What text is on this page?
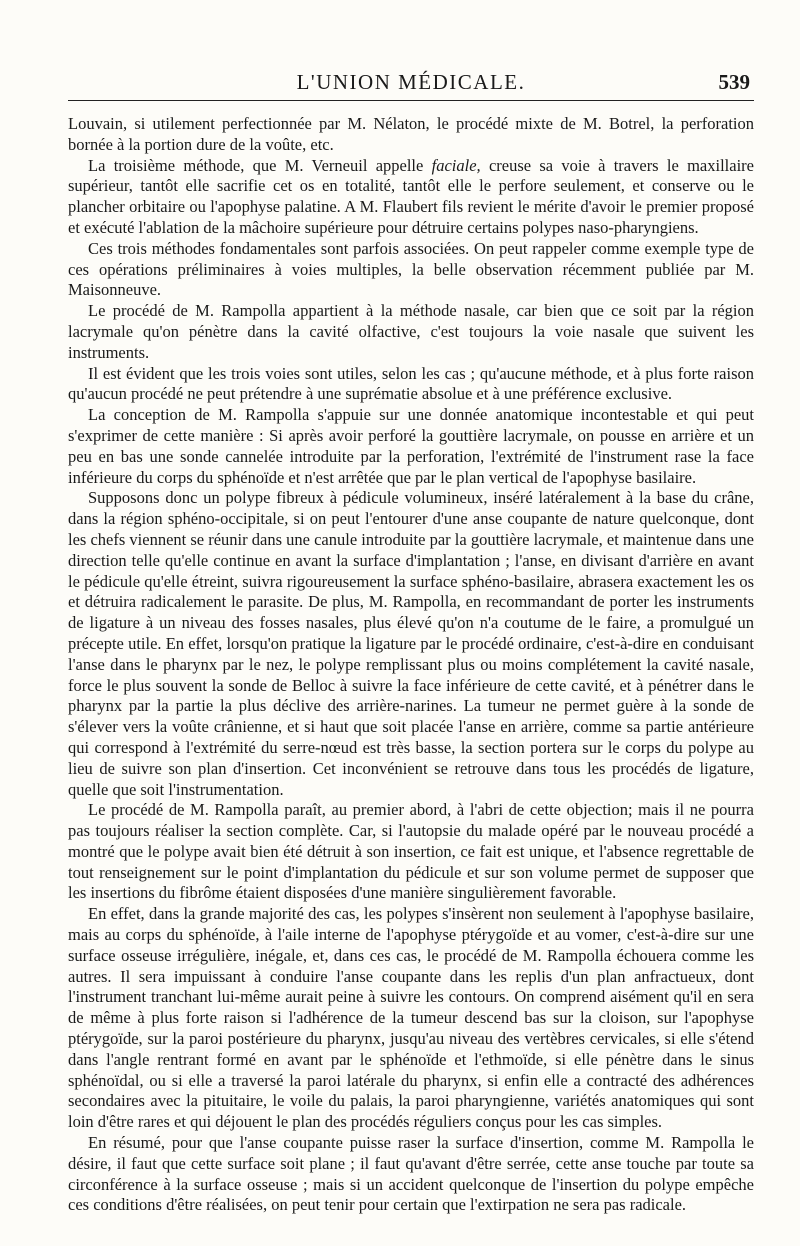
L'UNION MÉDICALE.	539

Louvain, si utilement perfectionnée par M. Nélaton, le procédé mixte de M. Botrel, la perforation bornée à la portion dure de la voûte, etc.

La troisième méthode, que M. Verneuil appelle faciale, creuse sa voie à travers le maxillaire supérieur, tantôt elle sacrifie cet os en totalité, tantôt elle le perfore seulement, et conserve ou le plancher orbitaire ou l'apophyse palatine. A M. Flaubert fils revient le mérite d'avoir le premier proposé et exécuté l'ablation de la mâchoire supérieure pour détruire certains polypes naso-pharyngiens.

Ces trois méthodes fondamentales sont parfois associées. On peut rappeler comme exemple type de ces opérations préliminaires à voies multiples, la belle observation récemment publiée par M. Maisonneuve.

Le procédé de M. Rampolla appartient à la méthode nasale, car bien que ce soit par la région lacrymale qu'on pénètre dans la cavité olfactive, c'est toujours la voie nasale que suivent les instruments.

Il est évident que les trois voies sont utiles, selon les cas ; qu'aucune méthode, et à plus forte raison qu'aucun procédé ne peut prétendre à une suprématie absolue et à une préférence exclusive.

La conception de M. Rampolla s'appuie sur une donnée anatomique incontestable et qui peut s'exprimer de cette manière : Si après avoir perforé la gouttière lacrymale, on pousse en arrière et un peu en bas une sonde cannelée introduite par la perforation, l'extrémité de l'instrument rase la face inférieure du corps du sphénoïde et n'est arrêtée que par le plan vertical de l'apophyse basilaire.

Supposons donc un polype fibreux à pédicule volumineux, inséré latéralement à la base du crâne, dans la région sphéno-occipitale, si on peut l'entourer d'une anse coupante de nature quelconque, dont les chefs viennent se réunir dans une canule introduite par la gouttière lacrymale, et maintenue dans une direction telle qu'elle continue en avant la surface d'implantation ; l'anse, en divisant d'arrière en avant le pédicule qu'elle étreint, suivra rigoureusement la surface sphéno-basilaire, abrasera exactement les os et détruira radicalement le parasite. De plus, M. Rampolla, en recommandant de porter les instruments de ligature à un niveau des fosses nasales, plus élevé qu'on n'a coutume de le faire, a promulgué un précepte utile. En effet, lorsqu'on pratique la ligature par le procédé ordinaire, c'est-à-dire en conduisant l'anse dans le pharynx par le nez, le polype remplissant plus ou moins complétement la cavité nasale, force le plus souvent la sonde de Belloc à suivre la face inférieure de cette cavité, et à pénétrer dans le pharynx par la partie la plus déclive des arrière-narines. La tumeur ne permet guère à la sonde de s'élever vers la voûte crânienne, et si haut que soit placée l'anse en arrière, comme sa partie antérieure qui correspond à l'extrémité du serre-nœud est très basse, la section portera sur le corps du polype au lieu de suivre son plan d'insertion. Cet inconvénient se retrouve dans tous les procédés de ligature, quelle que soit l'instrumentation.

Le procédé de M. Rampolla paraît, au premier abord, à l'abri de cette objection; mais il ne pourra pas toujours réaliser la section complète. Car, si l'autopsie du malade opéré par le nouveau procédé a montré que le polype avait bien été détruit à son insertion, ce fait est unique, et l'absence regrettable de tout renseignement sur le point d'implantation du pédicule et sur son volume permet de supposer que les insertions du fibrôme étaient disposées d'une manière singulièrement favorable.

En effet, dans la grande majorité des cas, les polypes s'insèrent non seulement à l'apophyse basilaire, mais au corps du sphénoïde, à l'aile interne de l'apophyse ptérygoïde et au vomer, c'est-à-dire sur une surface osseuse irrégulière, inégale, et, dans ces cas, le procédé de M. Rampolla échouera comme les autres. Il sera impuissant à conduire l'anse coupante dans les replis d'un plan anfractueux, dont l'instrument tranchant lui-même aurait peine à suivre les contours. On comprend aisément qu'il en sera de même à plus forte raison si l'adhérence de la tumeur descend bas sur la cloison, sur l'apophyse ptérygoïde, sur la paroi postérieure du pharynx, jusqu'au niveau des vertèbres cervicales, si elle s'étend dans l'angle rentrant formé en avant par le sphénoïde et l'ethmoïde, si elle pénètre dans le sinus sphénoïdal, ou si elle a traversé la paroi latérale du pharynx, si enfin elle a contracté des adhérences secondaires avec la pituitaire, le voile du palais, la paroi pharyngienne, variétés anatomiques qui sont loin d'être rares et qui déjouent le plan des procédés réguliers conçus pour les cas simples.

En résumé, pour que l'anse coupante puisse raser la surface d'insertion, comme M. Rampolla le désire, il faut que cette surface soit plane ; il faut qu'avant d'être serrée, cette anse touche par toute sa circonférence à la surface osseuse ; mais si un accident quelconque de l'insertion du polype empêche ces conditions d'être réalisées, on peut tenir pour certain que l'extirpation ne sera pas radicale.
